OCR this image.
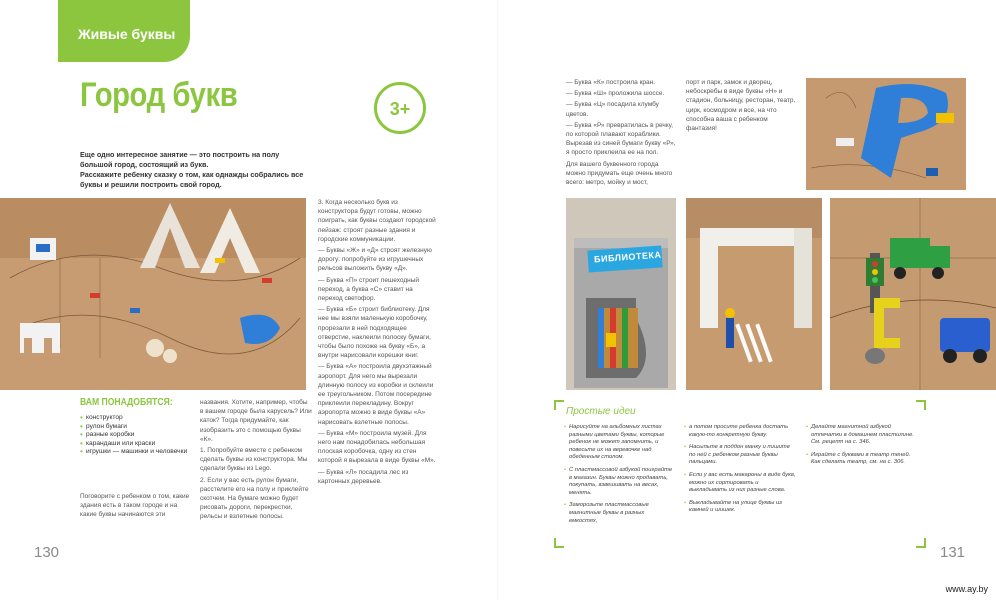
Живые буквы
Город букв	3+

Еще одно интересное занятие — это построить на полу большой город, состоящий из букв.

Расскажите ребенку сказку о том, как однажды собрались все буквы и решили построить свой город.

3. Когда несколько букв из конструктора будут готовы, можно поиграть, как буквы создают городской пейзаж: строят разные здания и городские коммуникации.

— Буквы «Ж» и «Д» строят железную дорогу: попробуйте из игрушечных рельсов выложить букву «Д».

— Буква «П» строит пешеходный переход, а буква «С» ставит на переход светофор.

— Буква «Б» строит библиотеку. Для нее мы взяли маленькую коробочку, прорезали в ней подходящее отверстие, наклеили полоску бумаги, чтобы было похоже на букву «Б», а внутри нарисовали корешки книг.

— Буква «А» построила двухэтажный аэропорт. Для него мы вырезали длинную полосу из коробки и склеили ее треугольником. Потом посередине приклеили перекладину. Вокруг аэропорта можно в виде буквы «А» нарисовать взлетные полосы.

— Буква «М» построила музей. Для него нам понадобилась небольшая плоская коробочка, одну из стен которой я вырезала в виде буквы «М».

— Буква «Л» посадила лес из картонных деревьев.

ВАМ ПОНАДОБЯТСЯ:
• конструктор
• рулон бумаги
• разные коробки
• карандаши или краски
• игрушки — машинки и человечки

Поговорите с ребенком о том, какие здания есть в таком городе и на какие буквы начинаются эти

названия. Хотите, например, чтобы в вашем городе была карусель? Или каток? Тогда придумайте, как изобразить это с помощью буквы «К».

1. Попробуйте вместе с ребенком сделать буквы из конструктора. Мы сделали буквы из Lego.

2. Если у вас есть рулон бумаги, расстелите его на полу и приклейте скотчем. На бумаге можно будет рисовать дороги, перекрестки, рельсы и взлетные полосы.

130

— Буква «К» построила кран.

— Буква «Ш» проложила шоссе.

— Буква «Ц» посадила клумбу цветов.

— Буква «Р» превратилась в речку, по которой плавают кораблики. Вырезав из синей бумаги букву «Р», я просто приклеила ее на пол.

Для вашего буквенного города можно придумать еще очень много всего: метро, мойку и мост,

порт и парк, замок и дворец, небоскребы в виде буквы «Н» и стадион, больницу, ресторан, театр, цирк, космодром и все, на что способна ваша с ребенком фантазия!

БИБЛИОТЕКА
Простые идеи
• Нарисуйте на альбомных листах разными цветами буквы, которые ребенок не может запомнить, и повесьте их на веревочке над обеденным столом.
• С пластмассовой азбукой поиграйте в магазин. Буквы можно продавать, покупать, взвешивать на весах, менять.
• Заморозьте пластмассовые магнитные буквы в разных емкостях,
• а потом просите ребенка достать какую-то конкретную букву.
• Насыпьте в поддон манку и пишите по ней с ребенком разные буквы пальцами.
• Если у вас есть макароны в виде букв, можно их сортировать и выкладывать из них разные слова.
• Выкладывайте на улице буквы из камней и шишек.
• Делайте магнитной азбукой отпечатки в домашнем пластилине. См. рецепт на с. 346.
• Играйте с буквами в театр теней. Как сделать театр, см. на с. 306.
131
www.ay.by
